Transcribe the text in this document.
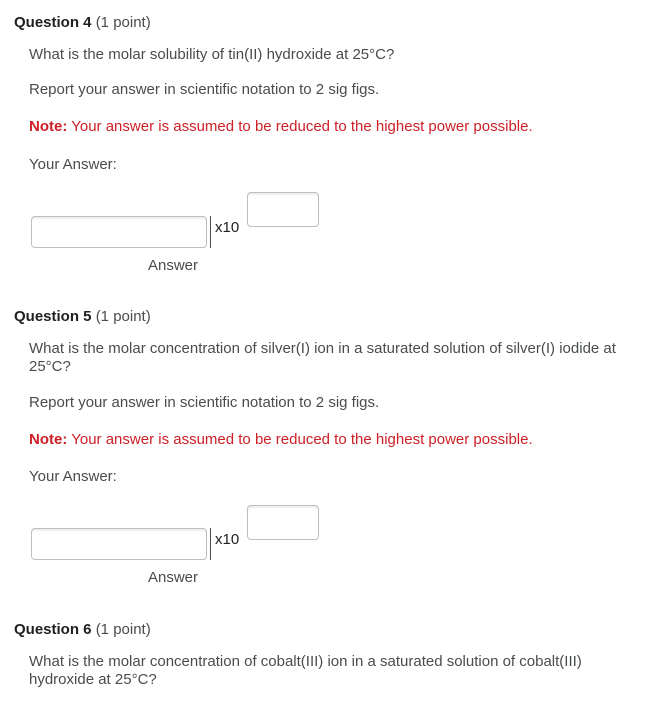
Question 4 (1 point)
What is the molar solubility of tin(II) hydroxide at 25°C?
Report your answer in scientific notation to 2 sig figs.
Note: Your answer is assumed to be reduced to the highest power possible.
Your Answer:
x10
Answer
Question 5 (1 point)
What is the molar concentration of silver(I) ion in a saturated solution of silver(I) iodide at 25°C?
Report your answer in scientific notation to 2 sig figs.
Note: Your answer is assumed to be reduced to the highest power possible.
Your Answer:
x10
Answer
Question 6 (1 point)
What is the molar concentration of cobalt(III) ion in a saturated solution of cobalt(III) hydroxide at 25°C?
